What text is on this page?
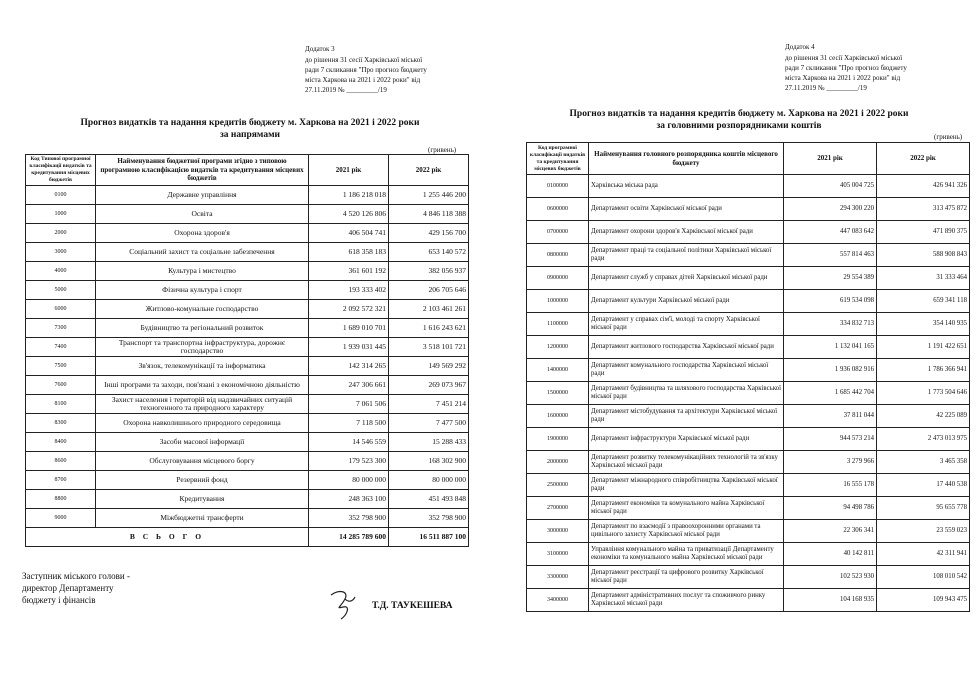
Додаток 3
до рішення 31 сесії Харківської міської
ради 7 скликання "Про прогноз бюджету
міста Харкова на 2021 і 2022 роки" від
27.11.2019 № _________/19
Прогноз видатків та надання кредитів бюджету м. Харкова на 2021 і 2022 роки
за напрямами
(гривень)
Код Типової програмної класифікації видатків та кредитування місцевих бюджетів	Найменування бюджетної програми згідно з типовою програмною класифікацією видатків та кредитування місцевих бюджетів	2021 рік	2022 рік
0100	Державне управління	1 186 218 018	1 255 446 200
1000	Освіта	4 520 126 806	4 846 118 388
2000	Охорона здоров'я	406 504 741	429 156 700
3000	Соціальний захист та соціальне забезпечення	618 358 183	653 140 572
4000	Культура і мистецтво	361 601 192	382 056 937
5000	Фізична культура і спорт	193 333 402	206 705 646
6000	Житлово-комунальне господарство	2 092 572 321	2 103 461 261
7300	Будівництво та регіональний розвиток	1 689 010 701	1 616 243 621
7400	Транспорт та транспортна інфраструктура, дорожнє господарство	1 939 031 445	3 518 101 721
7500	Зв'язок, телекомунікації та інформатика	142 314 265	149 569 292
7600	Інші програми та заходи, пов'язані з економічною діяльністю	247 306 661	269 073 967
8100	Захист населення і територій від надзвичайних ситуацій техногенного та природного характеру	7 061 506	7 451 214
8300	Охорона навколишнього природного середовища	7 118 500	7 477 500
8400	Засоби масової інформації	14 546 559	15 288 433
8600	Обслуговування місцевого боргу	179 523 300	168 302 900
8700	Резервний фонд	80 000 000	80 000 000
8800	Кредитування	248 363 100	451 493 848
9000	Міжбюджетні трансферти	352 798 900	352 798 900
В С Ь О Г О		14 285 789 600	16 511 887 100
Заступник міського голови -
директор Департаменту
бюджету і фінансів
Т.Д. ТАУКЕШЕВА
Додаток 4
до рішення 31 сесії Харківської міської
ради 7 скликання "Про прогноз бюджету
міста Харкова на 2021 і 2022 роки" від
27.11.2019 № _________/19
Прогноз видатків та надання кредитів бюджету м. Харкова на 2021 і 2022 роки
за головними розпорядниками коштів
(гривень)
Код програмної класифікації видатків та кредитування місцевих бюджетів	Найменування головного розпорядника коштів місцевого бюджету	2021 рік	2022 рік
0100000	Харківська міська рада	405 004 725	426 941 326
0600000	Департамент освіти Харківської міської ради	294 300 220	313 475 872
0700000	Департамент охорони здоров'я Харківської міської ради	447 083 642	471 890 375
0800000	Департамент праці та соціальної політики Харківської міської ради	557 814 463	588 908 843
0900000	Департамент служб у справах дітей Харківської міської ради	29 554 389	31 333 464
1000000	Департамент культури Харківської міської ради	619 534 098	659 341 118
1100000	Департамент у справах сім'ї, молоді та спорту Харківської міської ради	334 832 713	354 140 935
1200000	Департамент житлового господарства Харківської міської ради	1 132 041 165	1 191 422 651
1400000	Департамент комунального господарства Харківської міської ради	1 936 082 916	1 786 366 941
1500000	Департамент будівництва та шляхового господарства Харківської міської ради	1 685 442 704	1 773 504 646
1600000	Департамент містобудування та архітектури Харківської міської ради	37 811 044	42 225 089
1900000	Департамент інфраструктури Харківської міської ради	944 573 214	2 473 013 975
2000000	Департамент розвитку телекомунікаційних технологій та зв'язку Харківської міської ради	3 279 966	3 465 358
2500000	Департамент міжнародного співробітництва Харківської міської ради	16 555 178	17 440 538
2700000	Департамент економіки та комунального майна Харківської міської ради	94 498 786	95 655 778
3000000	Департамент по взаємодії з правоохоронними органами та цивільного захисту Харківської міської ради	22 306 341	23 559 023
3100000	Управління комунального майна та приватизації Департаменту економіки та комунального майна Харківської міської ради	40 142 811	42 311 941
3300000	Департамент реєстрації та цифрового розвитку Харківської міської ради	102 523 930	108 010 542
3400000	Департамент адміністративних послуг та споживчого ринку Харківської міської ради	104 168 935	109 943 475
